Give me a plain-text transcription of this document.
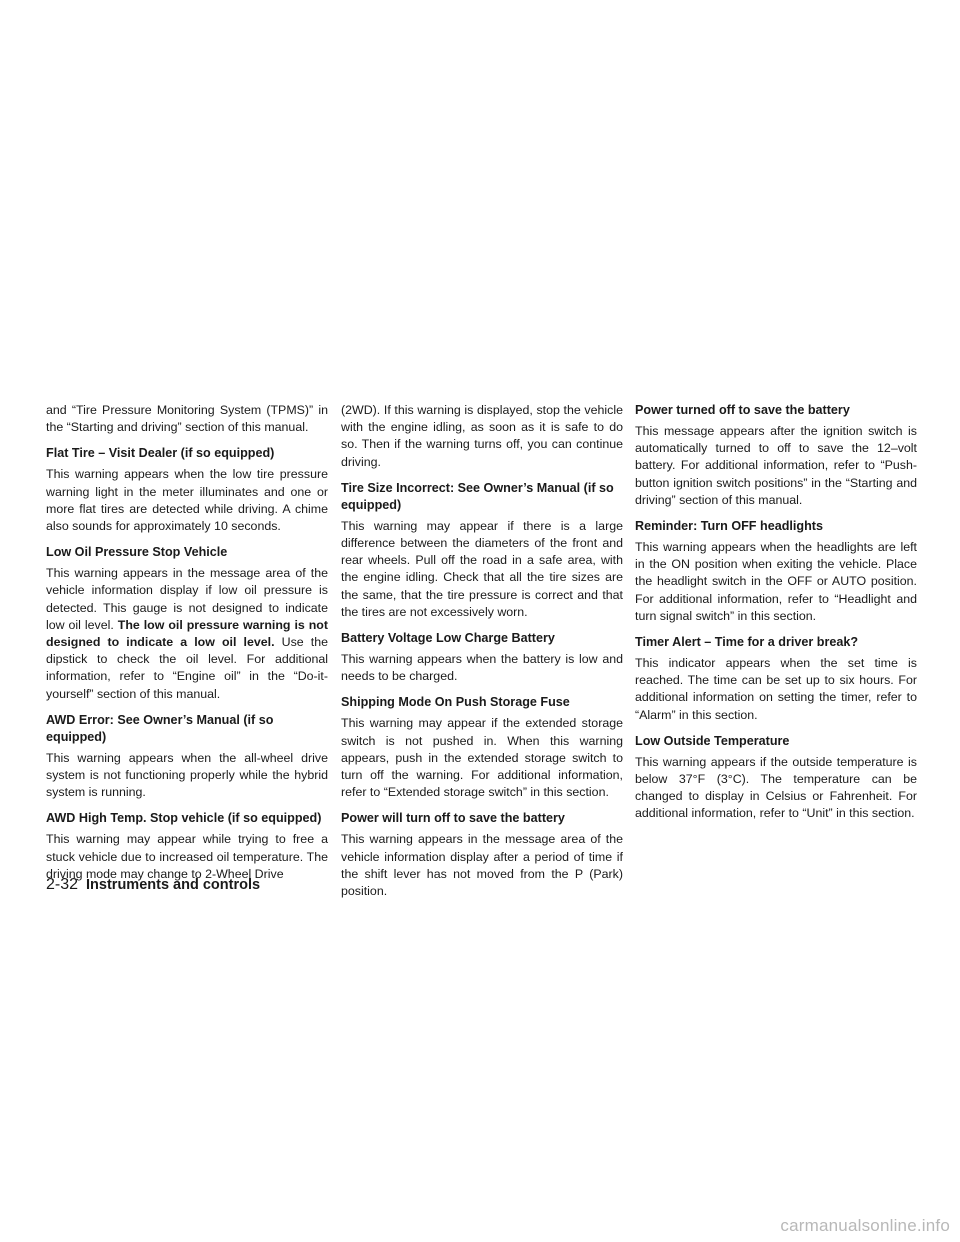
and “Tire Pressure Monitoring System (TPMS)” in the “Starting and driving” section of this manual.

Flat Tire – Visit Dealer (if so equipped)

This warning appears when the low tire pressure warning light in the meter illuminates and one or more flat tires are detected while driving. A chime also sounds for approximately 10 seconds.

Low Oil Pressure Stop Vehicle

This warning appears in the message area of the vehicle information display if low oil pressure is detected. This gauge is not designed to indicate low oil level. The low oil pressure warning is not designed to indicate a low oil level. Use the dipstick to check the oil level. For additional information, refer to “Engine oil” in the “Do-it-yourself” section of this manual.

AWD Error: See Owner’s Manual (if so equipped)

This warning appears when the all-wheel drive system is not functioning properly while the hybrid system is running.

AWD High Temp. Stop vehicle (if so equipped)

This warning may appear while trying to free a stuck vehicle due to increased oil temperature. The driving mode may change to 2-Wheel Drive

(2WD). If this warning is displayed, stop the vehicle with the engine idling, as soon as it is safe to do so. Then if the warning turns off, you can continue driving.

Tire Size Incorrect: See Owner’s Manual (if so equipped)

This warning may appear if there is a large difference between the diameters of the front and rear wheels. Pull off the road in a safe area, with the engine idling. Check that all the tire sizes are the same, that the tire pressure is correct and that the tires are not excessively worn.

Battery Voltage Low Charge Battery

This warning appears when the battery is low and needs to be charged.

Shipping Mode On Push Storage Fuse

This warning may appear if the extended storage switch is not pushed in. When this warning appears, push in the extended storage switch to turn off the warning. For additional information, refer to “Extended storage switch” in this section.

Power will turn off to save the battery

This warning appears in the message area of the vehicle information display after a period of time if the shift lever has not moved from the P (Park) position.

Power turned off to save the battery

This message appears after the ignition switch is automatically turned to off to save the 12–volt battery. For additional information, refer to “Push-button ignition switch positions” in the “Starting and driving” section of this manual.

Reminder: Turn OFF headlights

This warning appears when the headlights are left in the ON position when exiting the vehicle. Place the headlight switch in the OFF or AUTO position. For additional information, refer to “Headlight and turn signal switch” in this section.

Timer Alert – Time for a driver break?

This indicator appears when the set time is reached. The time can be set up to six hours. For additional information on setting the timer, refer to “Alarm” in this section.

Low Outside Temperature

This warning appears if the outside temperature is below 37°F (3°C). The temperature can be changed to display in Celsius or Fahrenheit. For additional information, refer to “Unit” in this section.

2-32 Instruments and controls
carmanualsonline.info
